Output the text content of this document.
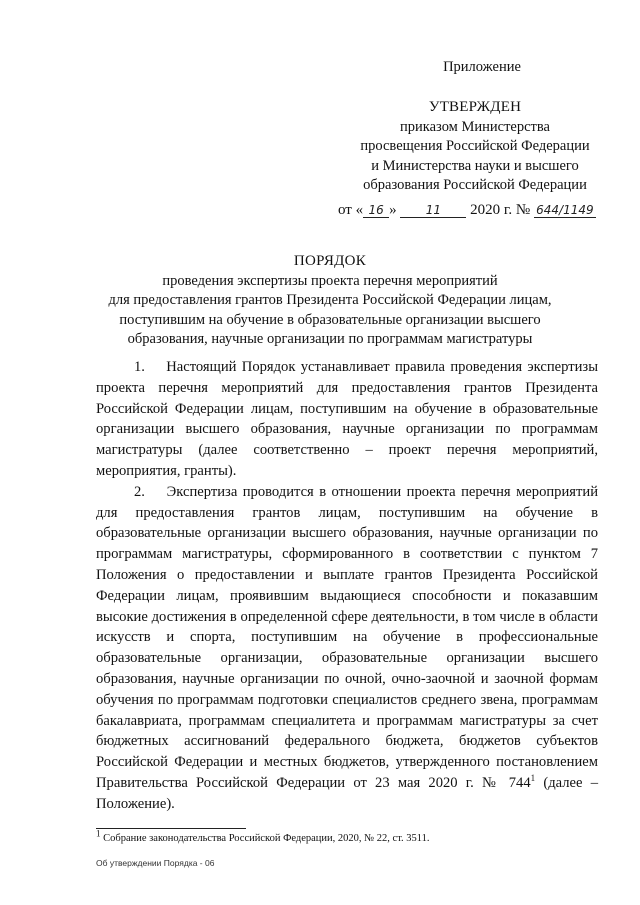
Приложение
УТВЕРЖДЕН
приказом Министерства
просвещения Российской Федерации
и Министерства науки и высшего
образования Российской Федерации
от « 16 » 11 2020 г. № 644/1149
ПОРЯДОК
проведения экспертизы проекта перечня мероприятий
для предоставления грантов Президента Российской Федерации лицам,
поступившим на обучение в образовательные организации высшего
образования, научные организации по программам магистратуры

1.    Настоящий Порядок устанавливает правила проведения экспертизы проекта перечня мероприятий для предоставления грантов Президента Российской Федерации лицам, поступившим на обучение в образовательные организации высшего образования, научные организации по программам магистратуры (далее соответственно – проект перечня мероприятий, мероприятия, гранты).

2.    Экспертиза проводится в отношении проекта перечня мероприятий для предоставления грантов лицам, поступившим на обучение в образовательные организации высшего образования, научные организации по программам магистратуры, сформированного в соответствии с пунктом 7 Положения о предоставлении и выплате грантов Президента Российской Федерации лицам, проявившим выдающиеся способности и показавшим высокие достижения в определенной сфере деятельности, в том числе в области искусств и спорта, поступившим на обучение в профессиональные образовательные организации, образовательные организации высшего образования, научные организации по очной, очно-заочной и заочной формам обучения по программам подготовки специалистов среднего звена, программам бакалавриата, программам специалитета и программам магистратуры за счет бюджетных ассигнований федерального бюджета, бюджетов субъектов Российской Федерации и местных бюджетов, утвержденного постановлением Правительства Российской Федерации от 23 мая 2020 г. № $744^1$ (далее – Положение).

$^1$ Собрание законодательства Российской Федерации, 2020, № 22, ст. 3511.
Об утверждении Порядка - 06
